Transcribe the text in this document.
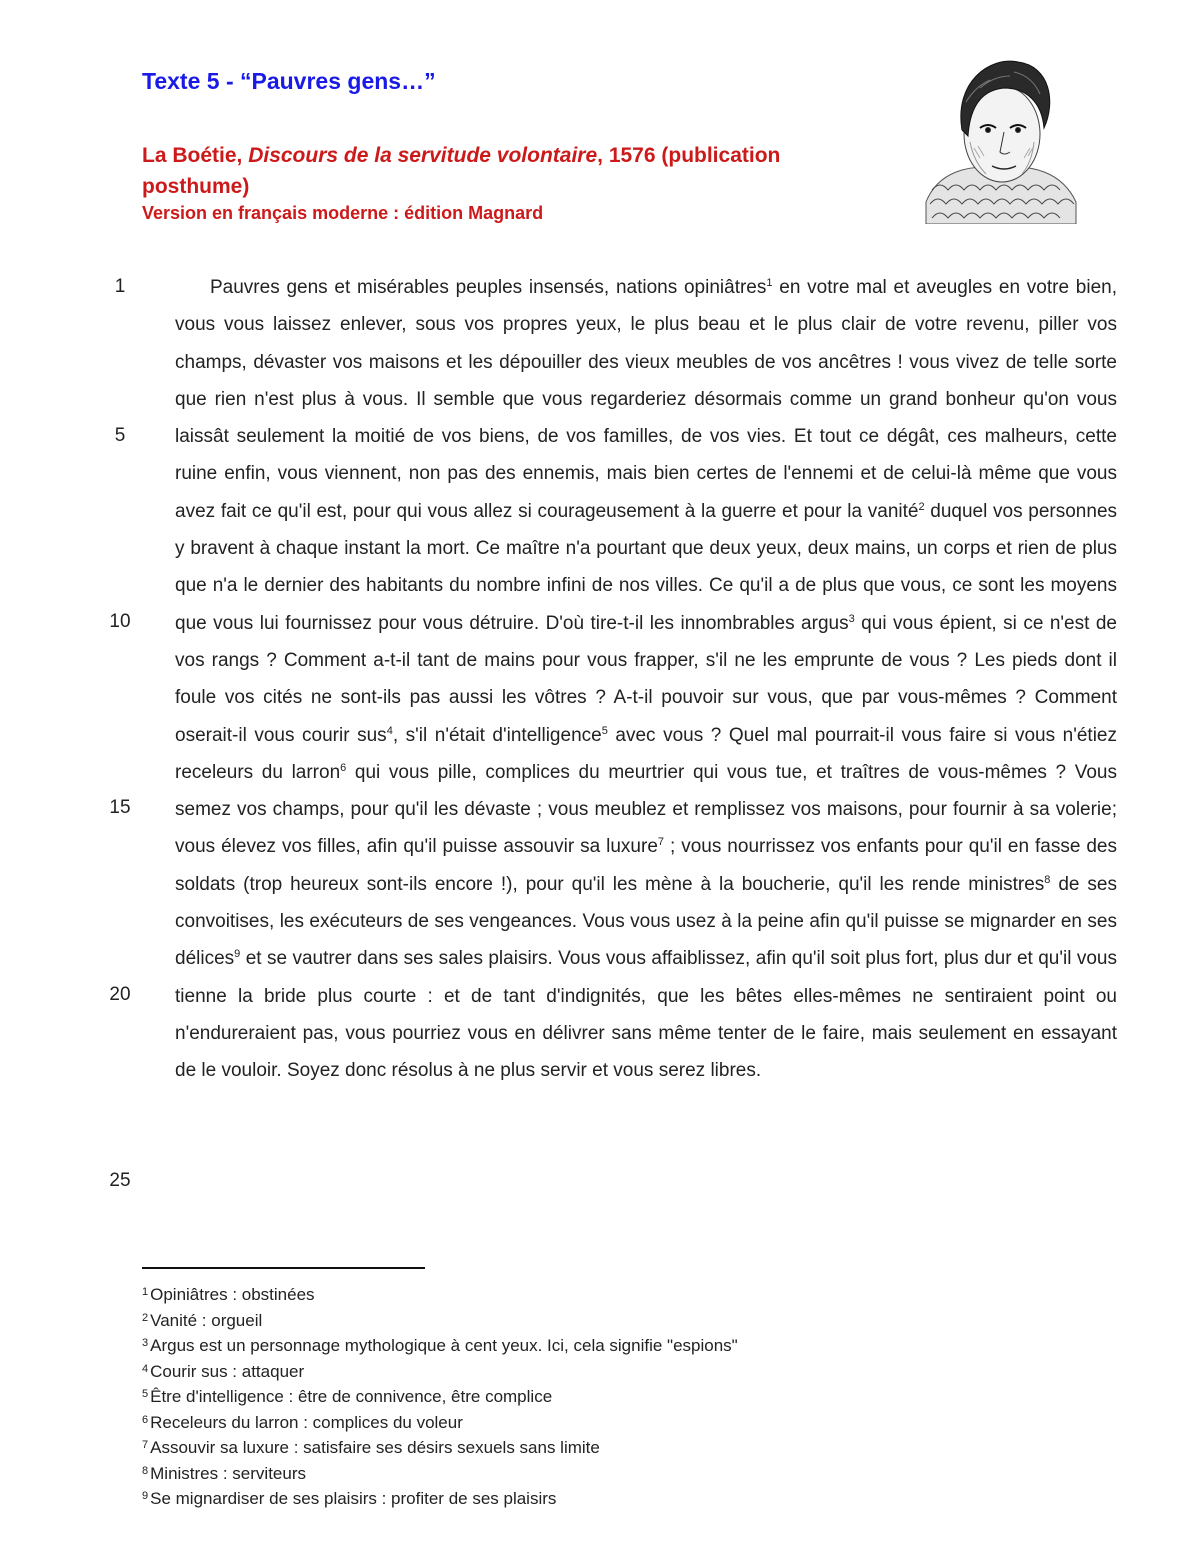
Texte 5 - “Pauvres gens…”
La Boétie, Discours de la servitude volontaire, 1576 (publication posthume)
Version en français moderne : édition Magnard
1
5
10
15
20
25

Pauvres gens et misérables peuples insensés, nations opiniâtres$^1$ en votre mal et aveugles en votre bien, vous vous laissez enlever, sous vos propres yeux, le plus beau et le plus clair de votre revenu, piller vos champs, dévaster vos maisons et les dépouiller des vieux meubles de vos ancêtres ! vous vivez de telle sorte que rien n'est plus à vous. Il semble que vous regarderiez désormais comme un grand bonheur qu'on vous laissât seulement la moitié de vos biens, de vos familles, de vos vies. Et tout ce dégât, ces malheurs, cette ruine enfin, vous viennent, non pas des ennemis, mais bien certes de l'ennemi et de celui-là même que vous avez fait ce qu'il est, pour qui vous allez si courageusement à la guerre et pour la vanité$^2$ duquel vos personnes y bravent à chaque instant la mort. Ce maître n'a pourtant que deux yeux, deux mains, un corps et rien de plus que n'a le dernier des habitants du nombre infini de nos villes. Ce qu'il a de plus que vous, ce sont les moyens que vous lui fournissez pour vous détruire. D'où tire-t-il les innombrables argus$^3$ qui vous épient, si ce n'est de vos rangs ? Comment a-t-il tant de mains pour vous frapper, s'il ne les emprunte de vous ? Les pieds dont il foule vos cités ne sont-ils pas aussi les vôtres ? A-t-il pouvoir sur vous, que par vous-mêmes ? Comment oserait-il vous courir sus$^4$, s'il n'était d'intelligence$^5$ avec vous ? Quel mal pourrait-il vous faire si vous n'étiez receleurs du larron$^6$ qui vous pille, complices du meurtrier qui vous tue, et traîtres de vous-mêmes ? Vous semez vos champs, pour qu'il les dévaste ; vous meublez et remplissez vos maisons, pour fournir à sa volerie; vous élevez vos filles, afin qu'il puisse assouvir sa luxure$^7$ ; vous nourrissez vos enfants pour qu'il en fasse des soldats (trop heureux sont-ils encore !), pour qu'il les mène à la boucherie, qu'il les rende ministres$^8$ de ses convoitises, les exécuteurs de ses vengeances. Vous vous usez à la peine afin qu'il puisse se mignarder en ses délices$^9$ et se vautrer dans ses sales plaisirs. Vous vous affaiblissez, afin qu'il soit plus fort, plus dur et qu'il vous tienne la bride plus courte : et de tant d'indignités, que les bêtes elles-mêmes ne sentiraient point ou n'endureraient pas, vous pourriez vous en délivrer sans même tenter de le faire, mais seulement en essayant de le vouloir. Soyez donc résolus à ne plus servir et vous serez libres.

$^1$ Opiniâtres : obstinées
$^2$ Vanité : orgueil
$^3$ Argus est un personnage mythologique à cent yeux. Ici, cela signifie "espions"
$^4$ Courir sus : attaquer
$^5$ Être d'intelligence : être de connivence, être complice
$^6$ Receleurs du larron : complices du voleur
$^7$ Assouvir sa luxure : satisfaire ses désirs sexuels sans limite
$^8$ Ministres : serviteurs
$^9$ Se mignardiser de ses plaisirs : profiter de ses plaisirs
